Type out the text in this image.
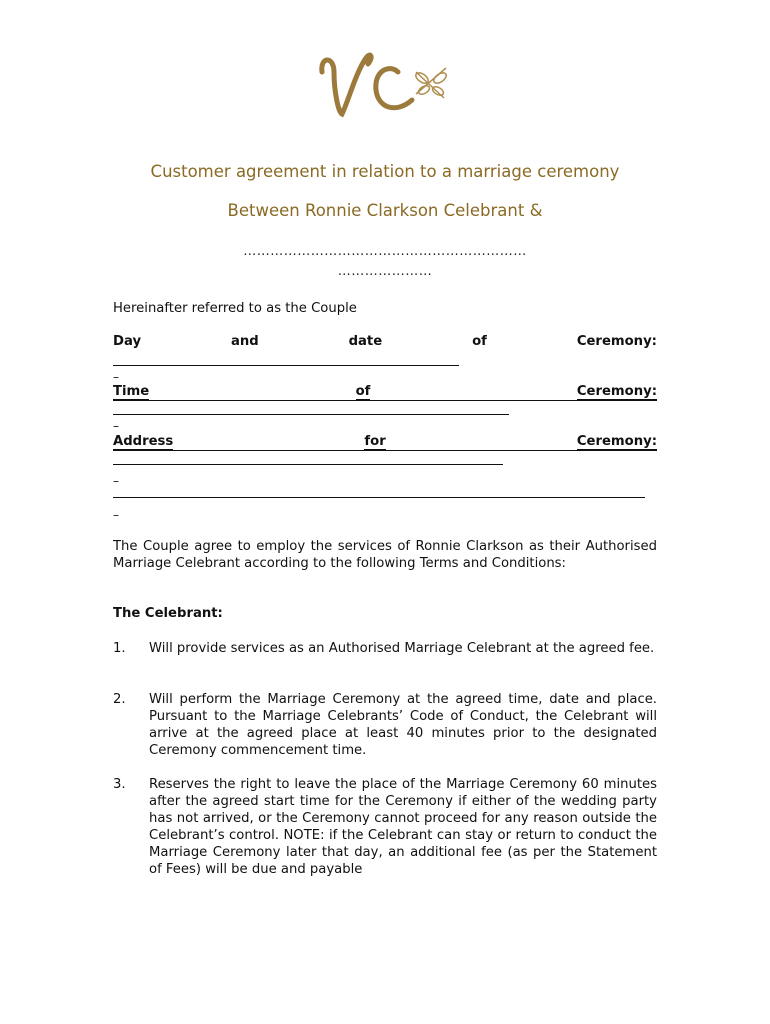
Customer agreement in relation to a marriage ceremony
Between Ronnie Clarkson Celebrant &
………………………………………………………
…………………
Hereinafter referred to as the Couple
Day	and	date	of	Ceremony:
–
Time	of	Ceremony:
–
Address	for	Ceremony:
–
–
The Couple agree to employ the services of Ronnie Clarkson as their Authorised Marriage Celebrant according to the following Terms and Conditions:
The Celebrant:
1.	Will provide services as an Authorised Marriage Celebrant at the agreed fee.
2.	Will perform the Marriage Ceremony at the agreed time, date and place. Pursuant to the Marriage Celebrants’ Code of Conduct, the Celebrant will arrive at the agreed place at least 40 minutes prior to the designated Ceremony commencement time.
3.	Reserves the right to leave the place of the Marriage Ceremony 60 minutes after the agreed start time for the Ceremony if either of the wedding party has not arrived, or the Ceremony cannot proceed for any reason outside the Celebrant’s control. NOTE: if the Celebrant can stay or return to conduct the Marriage Ceremony later that day, an additional fee (as per the Statement of Fees) will be due and payable
